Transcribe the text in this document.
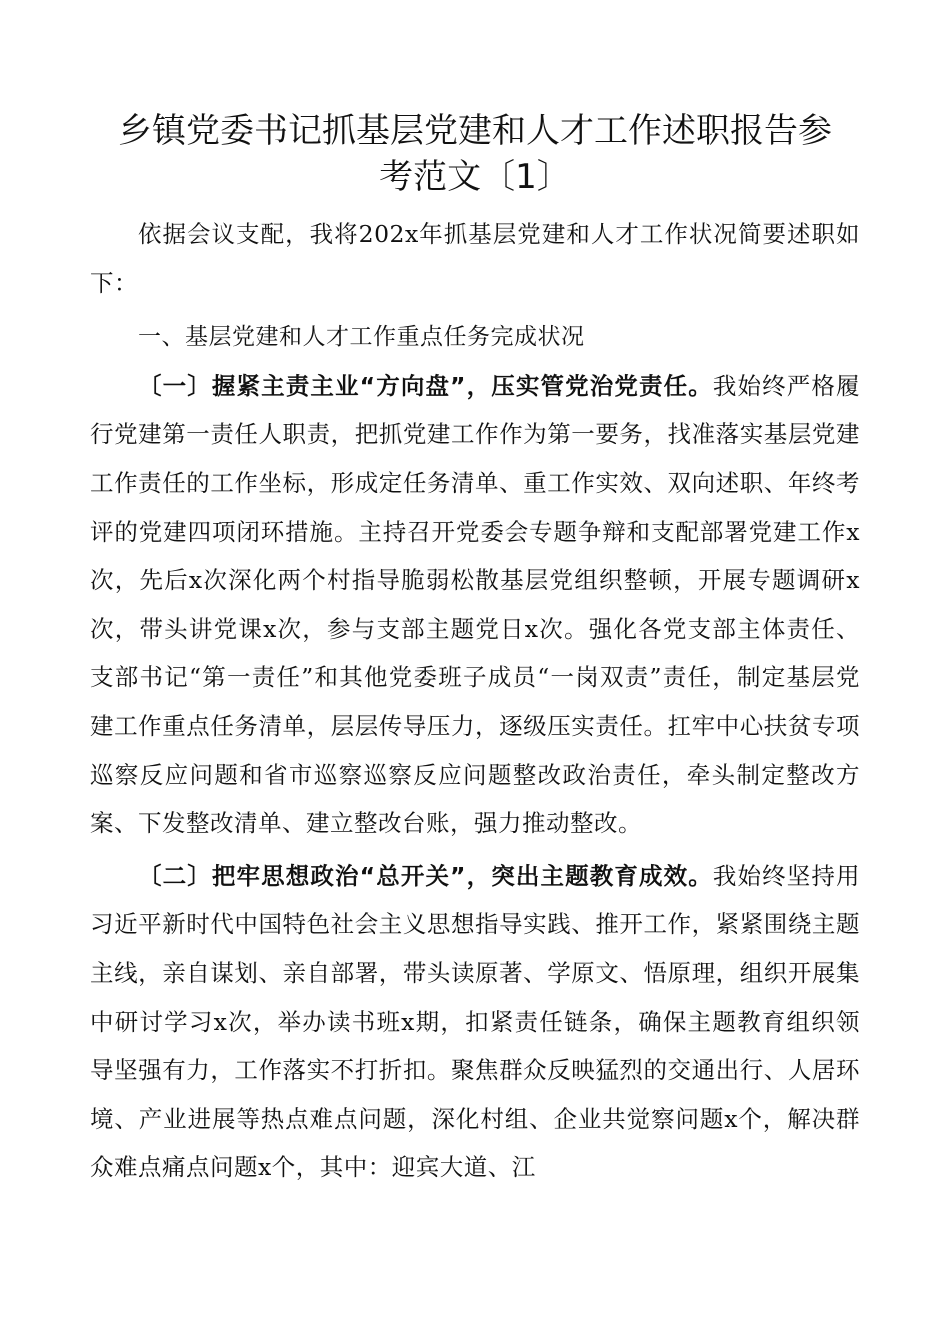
乡镇党委书记抓基层党建和人才工作述职报告参
考范文〔1〕

依据会议支配，我将202x年抓基层党建和人才工作状况简要述职如下：

一、基层党建和人才工作重点任务完成状况

〔一〕握紧主责主业“方向盘”，压实管党治党责任。我始终严格履行党建第一责任人职责，把抓党建工作作为第一要务，找准落实基层党建工作责任的工作坐标，形成定任务清单、重工作实效、双向述职、年终考评的党建四项闭环措施。主持召开党委会专题争辩和支配部署党建工作x次，先后x次深化两个村指导脆弱松散基层党组织整顿，开展专题调研x次，带头讲党课x次，参与支部主题党日x次。强化各党支部主体责任、支部书记“第一责任”和其他党委班子成员“一岗双责”责任，制定基层党建工作重点任务清单，层层传导压力，逐级压实责任。扛牢中心扶贫专项巡察反应问题和省市巡察巡察反应问题整改政治责任，牵头制定整改方案、下发整改清单、建立整改台账，强力推动整改。

〔二〕把牢思想政治“总开关”，突出主题教育成效。我始终坚持用习近平新时代中国特色社会主义思想指导实践、推开工作，紧紧围绕主题主线，亲自谋划、亲自部署，带头读原著、学原文、悟原理，组织开展集中研讨学习x次，举办读书班x期，扣紧责任链条，确保主题教育组织领导坚强有力，工作落实不打折扣。聚焦群众反映猛烈的交通出行、人居环境、产业进展等热点难点问题，深化村组、企业共觉察问题x个，解决群众难点痛点问题x个，其中：迎宾大道、江
